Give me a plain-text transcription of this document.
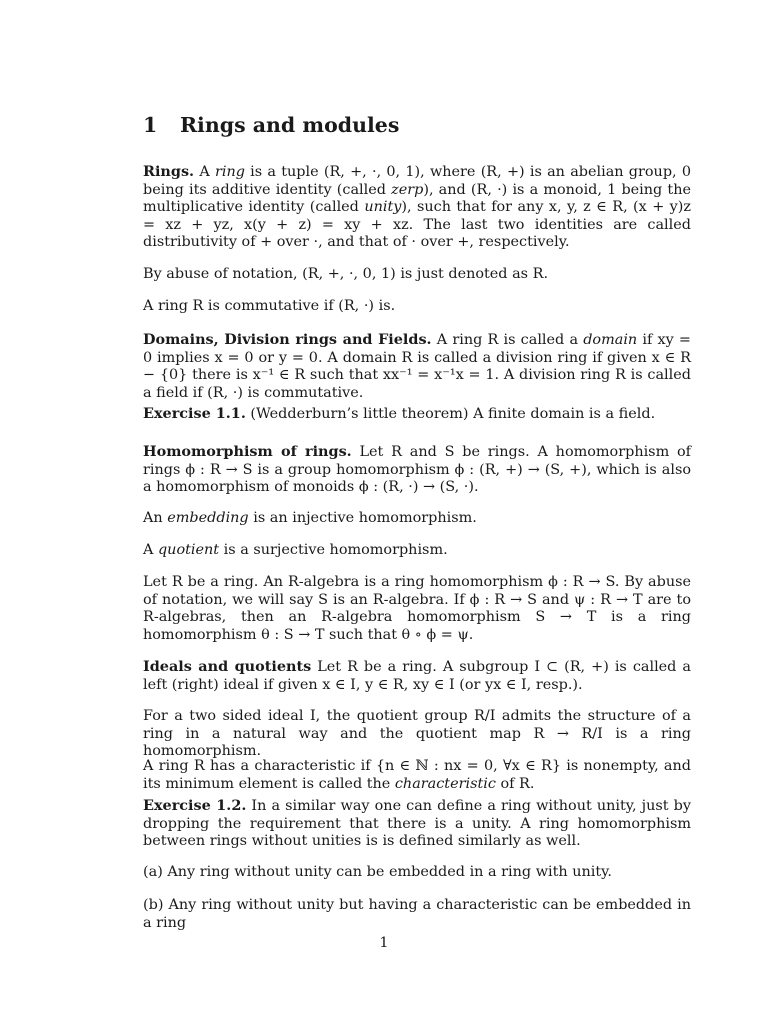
1 Rings and modules

Rings. A ring is a tuple (R, +, ·, 0, 1), where (R, +) is an abelian group, 0 being its additive identity (called zerp), and (R, ·) is a monoid, 1 being the multiplicative identity (called unity), such that for any x, y, z ∈ R, (x + y)z = xz + yz, x(y + z) = xy + xz. The last two identities are called distributivity of + over ·, and that of · over +, respectively.

By abuse of notation, (R, +, ·, 0, 1) is just denoted as R.

A ring R is commutative if (R, ·) is.

Domains, Division rings and Fields. A ring R is called a domain if xy = 0 implies x = 0 or y = 0. A domain R is called a division ring if given x ∈ R − {0} there is x⁻¹ ∈ R such that xx⁻¹ = x⁻¹x = 1. A division ring R is called a field if (R, ·) is commutative.

Exercise 1.1. (Wedderburn’s little theorem) A finite domain is a field.

Homomorphism of rings. Let R and S be rings. A homomorphism of rings ϕ : R → S is a group homomorphism ϕ : (R, +) → (S, +), which is also a homomorphism of monoids ϕ : (R, ·) → (S, ·).

An embedding is an injective homomorphism.

A quotient is a surjective homomorphism.

Let R be a ring. An R-algebra is a ring homomorphism ϕ : R → S. By abuse of notation, we will say S is an R-algebra. If ϕ : R → S and ψ : R → T are to R-algebras, then an R-algebra homomorphism S → T is a ring homomorphism θ : S → T such that θ ∘ ϕ = ψ.

Ideals and quotients Let R be a ring. A subgroup I ⊂ (R, +) is called a left (right) ideal if given x ∈ I, y ∈ R, xy ∈ I (or yx ∈ I, resp.).

For a two sided ideal I, the quotient group R/I admits the structure of a ring in a natural way and the quotient map R → R/I is a ring homomorphism.

A ring R has a characteristic if {n ∈ ℕ : nx = 0, ∀x ∈ R} is nonempty, and its minimum element is called the characteristic of R.

Exercise 1.2. In a similar way one can define a ring without unity, just by dropping the requirement that there is a unity. A ring homomorphism between rings without unities is is defined similarly as well.

(a) Any ring without unity can be embedded in a ring with unity.

(b) Any ring without unity but having a characteristic can be embedded in a ring

1
